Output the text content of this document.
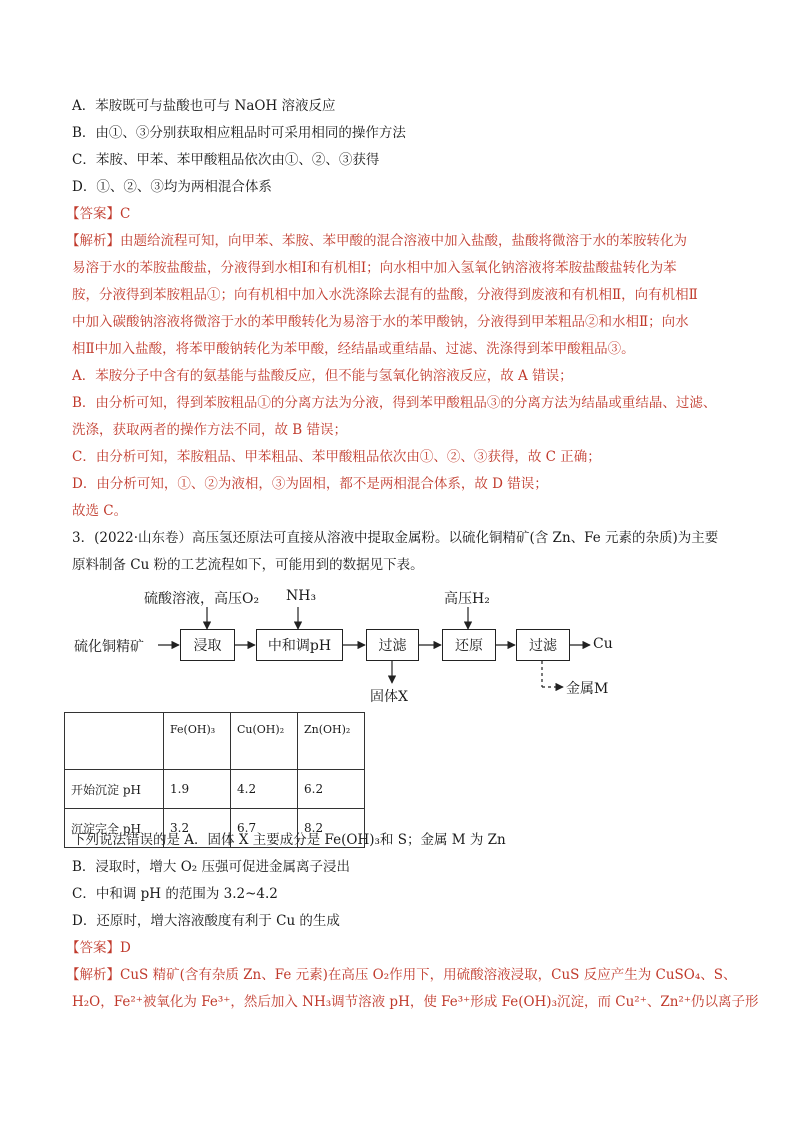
A．苯胺既可与盐酸也可与 NaOH 溶液反应
B．由①、③分别获取相应粗品时可采用相同的操作方法
C．苯胺、甲苯、苯甲酸粗品依次由①、②、③获得
D．①、②、③均为两相混合体系
【答案】C
【解析】由题给流程可知，向甲苯、苯胺、苯甲酸的混合溶液中加入盐酸，盐酸将微溶于水的苯胺转化为
易溶于水的苯胺盐酸盐，分液得到水相Ⅰ和有机相Ⅰ；向水相中加入氢氧化钠溶液将苯胺盐酸盐转化为苯
胺，分液得到苯胺粗品①；向有机相中加入水洗涤除去混有的盐酸，分液得到废液和有机相Ⅱ，向有机相Ⅱ
中加入碳酸钠溶液将微溶于水的苯甲酸转化为易溶于水的苯甲酸钠，分液得到甲苯粗品②和水相Ⅱ；向水
相Ⅱ中加入盐酸，将苯甲酸钠转化为苯甲酸，经结晶或重结晶、过滤、洗涤得到苯甲酸粗品③。
A．苯胺分子中含有的氨基能与盐酸反应，但不能与氢氧化钠溶液反应，故 A 错误；
B．由分析可知，得到苯胺粗品①的分离方法为分液，得到苯甲酸粗品③的分离方法为结晶或重结晶、过滤、
洗涤，获取两者的操作方法不同，故 B 错误；
C．由分析可知，苯胺粗品、甲苯粗品、苯甲酸粗品依次由①、②、③获得，故 C 正确；
D．由分析可知，①、②为液相，③为固相，都不是两相混合体系，故 D 错误；
故选 C。
3．(2022·山东卷）高压氢还原法可直接从溶液中提取金属粉。以硫化铜精矿(含 Zn、Fe 元素的杂质)为主要
原料制备 Cu 粉的工艺流程如下，可能用到的数据见下表。
硫化铜精矿
硫酸溶液，高压O₂ NH₃	高压H₂
浸取	中和调pH	过滤	还原	过滤	Cu
固体X	金属M
	Fe(OH)₃	Cu(OH)₂	Zn(OH)₂
开始沉淀 pH	1.9	4.2	6.2
沉淀完全 pH	3.2	6.7	8.2
下列说法错误的是 A．固体 X 主要成分是 Fe(OH)₃和 S；金属 M 为 Zn
B．浸取时，增大 O₂ 压强可促进金属离子浸出
C．中和调 pH 的范围为 3.2~4.2
D．还原时，增大溶液酸度有利于 Cu 的生成
【答案】D
【解析】CuS 精矿(含有杂质 Zn、Fe 元素)在高压 O₂作用下，用硫酸溶液浸取，CuS 反应产生为 CuSO₄、S、
H₂O，Fe²⁺被氧化为 Fe³⁺，然后加入 NH₃调节溶液 pH，使 Fe³⁺形成 Fe(OH)₃沉淀，而 Cu²⁺、Zn²⁺仍以离子形
